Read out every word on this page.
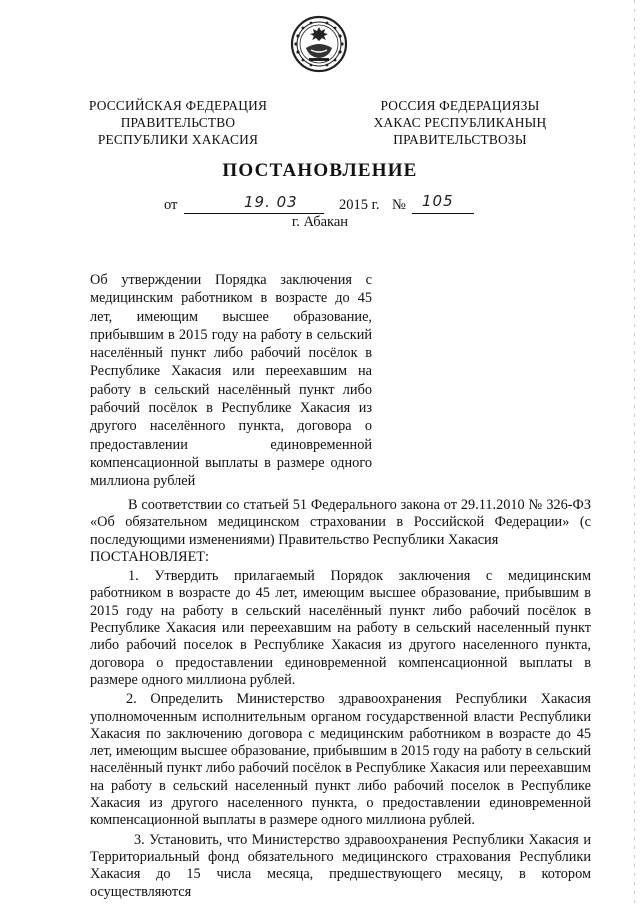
РОССИЙСКАЯ ФЕДЕРАЦИЯ
ПРАВИТЕЛЬСТВО
РЕСПУБЛИКИ ХАКАСИЯ
РОССИЯ ФЕДЕРАЦИЯЗЫ
ХАКАС РЕСПУБЛИКАНЫҢ
ПРАВИТЕЛЬСТВОЗЫ
ПОСТАНОВЛЕНИЕ
от	19. 03	2015 г. № 105
г. Абакан
Об утверждении Порядка заключения с медицинским работником в возрасте до 45 лет, имеющим высшее образование, прибывшим в 2015 году на работу в сельский населённый пункт либо рабочий посёлок в Республике Хакасия или переехавшим на работу в сельский населённый пункт либо рабочий посёлок в Республике Хакасия из другого населённого пункта, договора о предоставлении единовременной компенсационной выплаты в размере одного миллиона рублей

В соответствии со статьей 51 Федерального закона от 29.11.2010 № 326-ФЗ «Об обязательном медицинском страховании в Российской Федерации» (с последующими изменениями) Правительство Республики Хакасия

ПОСТАНОВЛЯЕТ:

1. Утвердить прилагаемый Порядок заключения с медицинским работником в возрасте до 45 лет, имеющим высшее образование, прибывшим в 2015 году на работу в сельский населённый пункт либо рабочий посёлок в Республике Хакасия или переехавшим на работу в сельский населенный пункт либо рабочий поселок в Республике Хакасия из другого населенного пункта, договора о предоставлении единовременной компенсационной выплаты в размере одного миллиона рублей.

2. Определить Министерство здравоохранения Республики Хакасия уполномоченным исполнительным органом государственной власти Республики Хакасия по заключению договора с медицинским работником в возрасте до 45 лет, имеющим высшее образование, прибывшим в 2015 году на работу в сельский населённый пункт либо рабочий посёлок в Республике Хакасия или переехавшим на работу в сельский населенный пункт либо рабочий поселок в Республике Хакасия из другого населенного пункта, о предоставлении единовременной компенсационной выплаты в размере одного миллиона рублей.

3. Установить, что Министерство здравоохранения Республики Хакасия и Территориальный фонд обязательного медицинского страхования Республики Хакасия до 15 числа месяца, предшествующего месяцу, в котором осуществляются
